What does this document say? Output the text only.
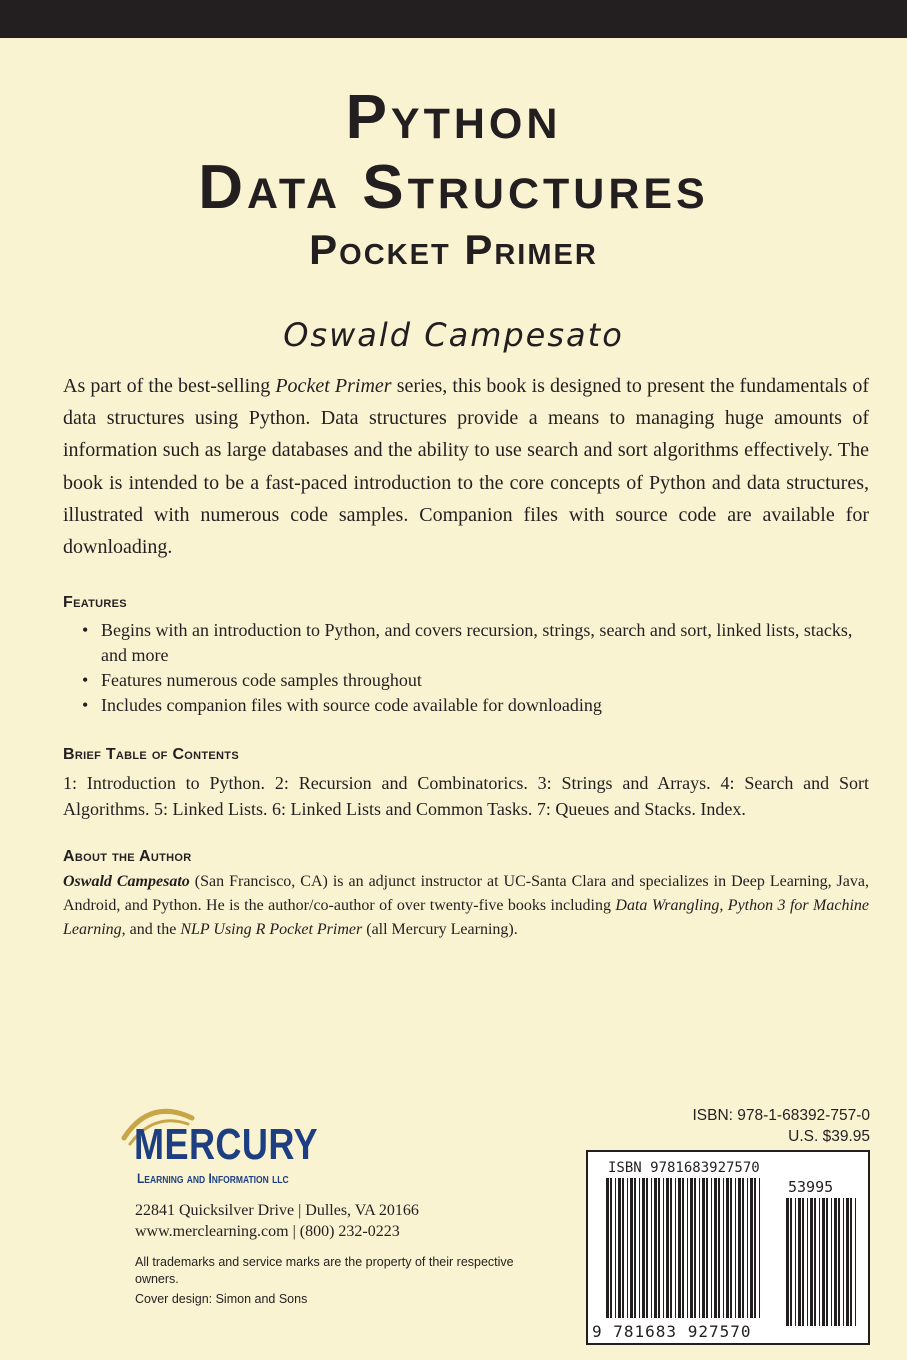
Python
Data Structures
Pocket Primer
Oswald Campesato
As part of the best-selling Pocket Primer series, this book is designed to present the fundamentals of data structures using Python. Data structures provide a means to managing huge amounts of information such as large databases and the ability to use search and sort algorithms effectively. The book is intended to be a fast-paced introduction to the core concepts of Python and data structures, illustrated with numerous code samples. Companion files with source code are available for downloading.
Features
• Begins with an introduction to Python, and covers recursion, strings, search and sort, linked lists, stacks, and more
• Features numerous code samples throughout
• Includes companion files with source code available for downloading
Brief Table of Contents
1: Introduction to Python. 2: Recursion and Combinatorics. 3: Strings and Arrays. 4: Search and Sort Algorithms. 5: Linked Lists. 6: Linked Lists and Common Tasks. 7: Queues and Stacks. Index.
About the Author
Oswald Campesato (San Francisco, CA) is an adjunct instructor at UC-Santa Clara and specializes in Deep Learning, Java, Android, and Python. He is the author/co-author of over twenty-five books including Data Wrangling, Python 3 for Machine Learning, and the NLP Using R Pocket Primer (all Mercury Learning).
MERCURY
Learning and Information llc
22841 Quicksilver Drive | Dulles, VA 20166
www.merclearning.com | (800) 232-0223
All trademarks and service marks are the property of their respective owners.
Cover design: Simon and Sons
ISBN: 978-1-68392-757-0
U.S. $39.95
ISBN 9781683927570
53995
9 781683 927570
